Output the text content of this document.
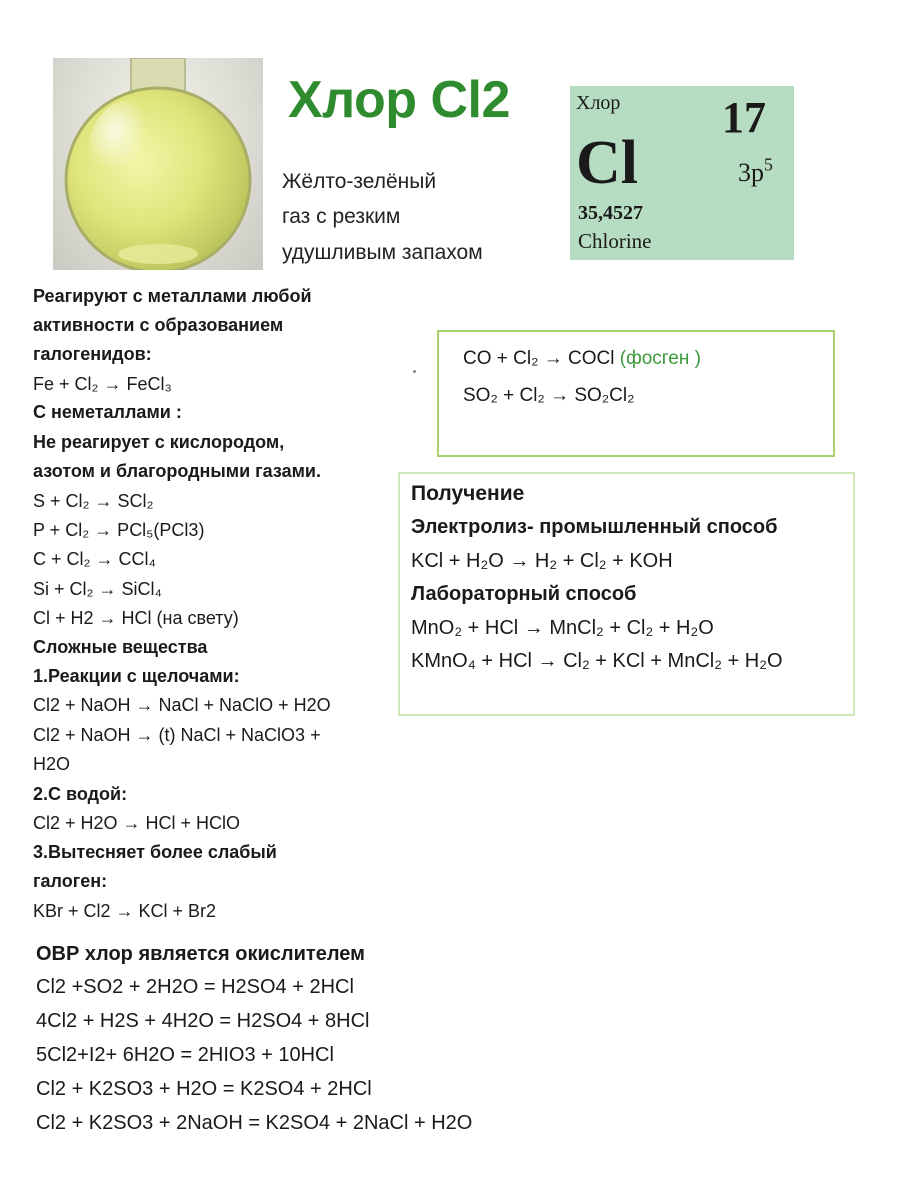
Хлор Cl2
Жёлто-зелёный
газ с резким
удушливым запахом
Хлор 17
Cl	$3p^5$
35,4527
Chlorine
Реагируют с металлами любой
активности с образованием
галогенидов:
Fe + Cl₂ → FeCl₃
С неметаллами :
Не реагирует с кислородом,
азотом и благородными газами.
S + Cl₂ → SCl₂
P + Cl₂ → PCl₅(PCl3)
C + Cl₂ → CCl₄
Si + Cl₂ → SiCl₄
Cl + H2 → HCl (на свету)
Сложные вещества
1.Реакции с щелочами:
Cl2 + NaOH → NaCl + NaClO + H2O
Cl2 + NaOH → (t) NaCl + NaClO3 +
H2O
2.С водой:
Cl2 + H2O → HCl + HClO
3.Вытесняет более слабый
галоген:
KBr + Cl2 → KCl + Br2
CO + Cl₂ → COCl (фосген )
SO₂ + Cl₂ → SO₂Cl₂
Получение
Электролиз- промышленный способ
KCl + H₂O → H₂ + Cl₂ + KOH
Лабораторный способ
MnO₂ + HCl → MnCl₂ + Cl₂ + H₂O
KMnO₄ + HCl → Cl₂ + KCl + MnCl₂ + H₂O
ОВР хлор является окислителем
Cl2 +SO2 + 2H2O = H2SO4 + 2HCl
4Cl2 + H2S + 4H2O = H2SO4 + 8HCl
5Cl2+I2+ 6H2O = 2HIO3 + 10HCl
Cl2 + K2SO3 + H2O = K2SO4 + 2HCl
Cl2 + K2SO3 + 2NaOH = K2SO4 + 2NaCl + H2O
